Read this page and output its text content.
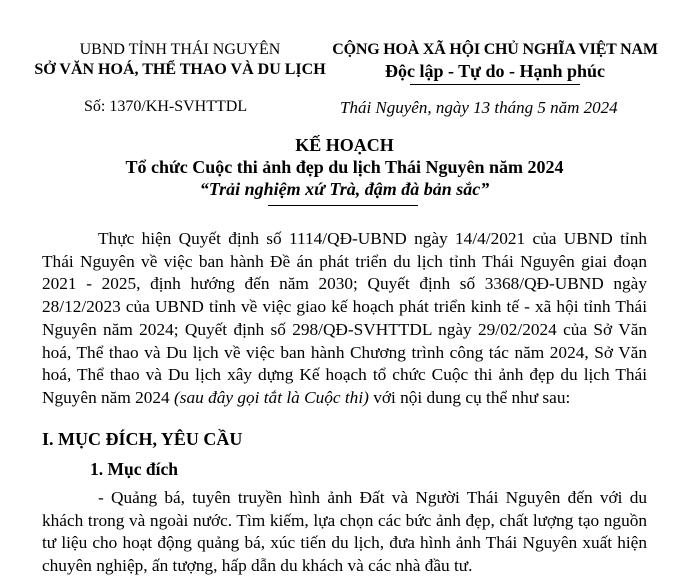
UBND TỈNH THÁI NGUYÊN
SỞ VĂN HOÁ, THỂ THAO VÀ DU LỊCH
CỘNG HOÀ XÃ HỘI CHỦ NGHĨA VIỆT NAM
Độc lập - Tự do - Hạnh phúc
Số: 1370/KH-SVHTTDL	Thái Nguyên, ngày 13 tháng 5 năm 2024
KẾ HOẠCH
Tổ chức Cuộc thi ảnh đẹp du lịch Thái Nguyên năm 2024
“Trải nghiệm xứ Trà, đậm đà bản sắc”
Thực hiện Quyết định số 1114/QĐ-UBND ngày 14/4/2021 của UBND tỉnh Thái Nguyên về việc ban hành Đề án phát triển du lịch tỉnh Thái Nguyên giai đoạn 2021 - 2025, định hướng đến năm 2030; Quyết định số 3368/QĐ-UBND ngày 28/12/2023 của UBND tỉnh về việc giao kế hoạch phát triển kinh tế - xã hội tỉnh Thái Nguyên năm 2024; Quyết định số 298/QĐ-SVHTTDL ngày 29/02/2024 của Sở Văn hoá, Thể thao và Du lịch về việc ban hành Chương trình công tác năm 2024, Sở Văn hoá, Thể thao và Du lịch xây dựng Kế hoạch tổ chức Cuộc thi ảnh đẹp du lịch Thái Nguyên năm 2024 (sau đây gọi tắt là Cuộc thi) với nội dung cụ thể như sau:
I. MỤC ĐÍCH, YÊU CẦU
1. Mục đích
- Quảng bá, tuyên truyền hình ảnh Đất và Người Thái Nguyên đến với du khách trong và ngoài nước. Tìm kiếm, lựa chọn các bức ảnh đẹp, chất lượng tạo nguồn tư liệu cho hoạt động quảng bá, xúc tiến du lịch, đưa hình ảnh Thái Nguyên xuất hiện chuyên nghiệp, ấn tượng, hấp dẫn du khách và các nhà đầu tư.
